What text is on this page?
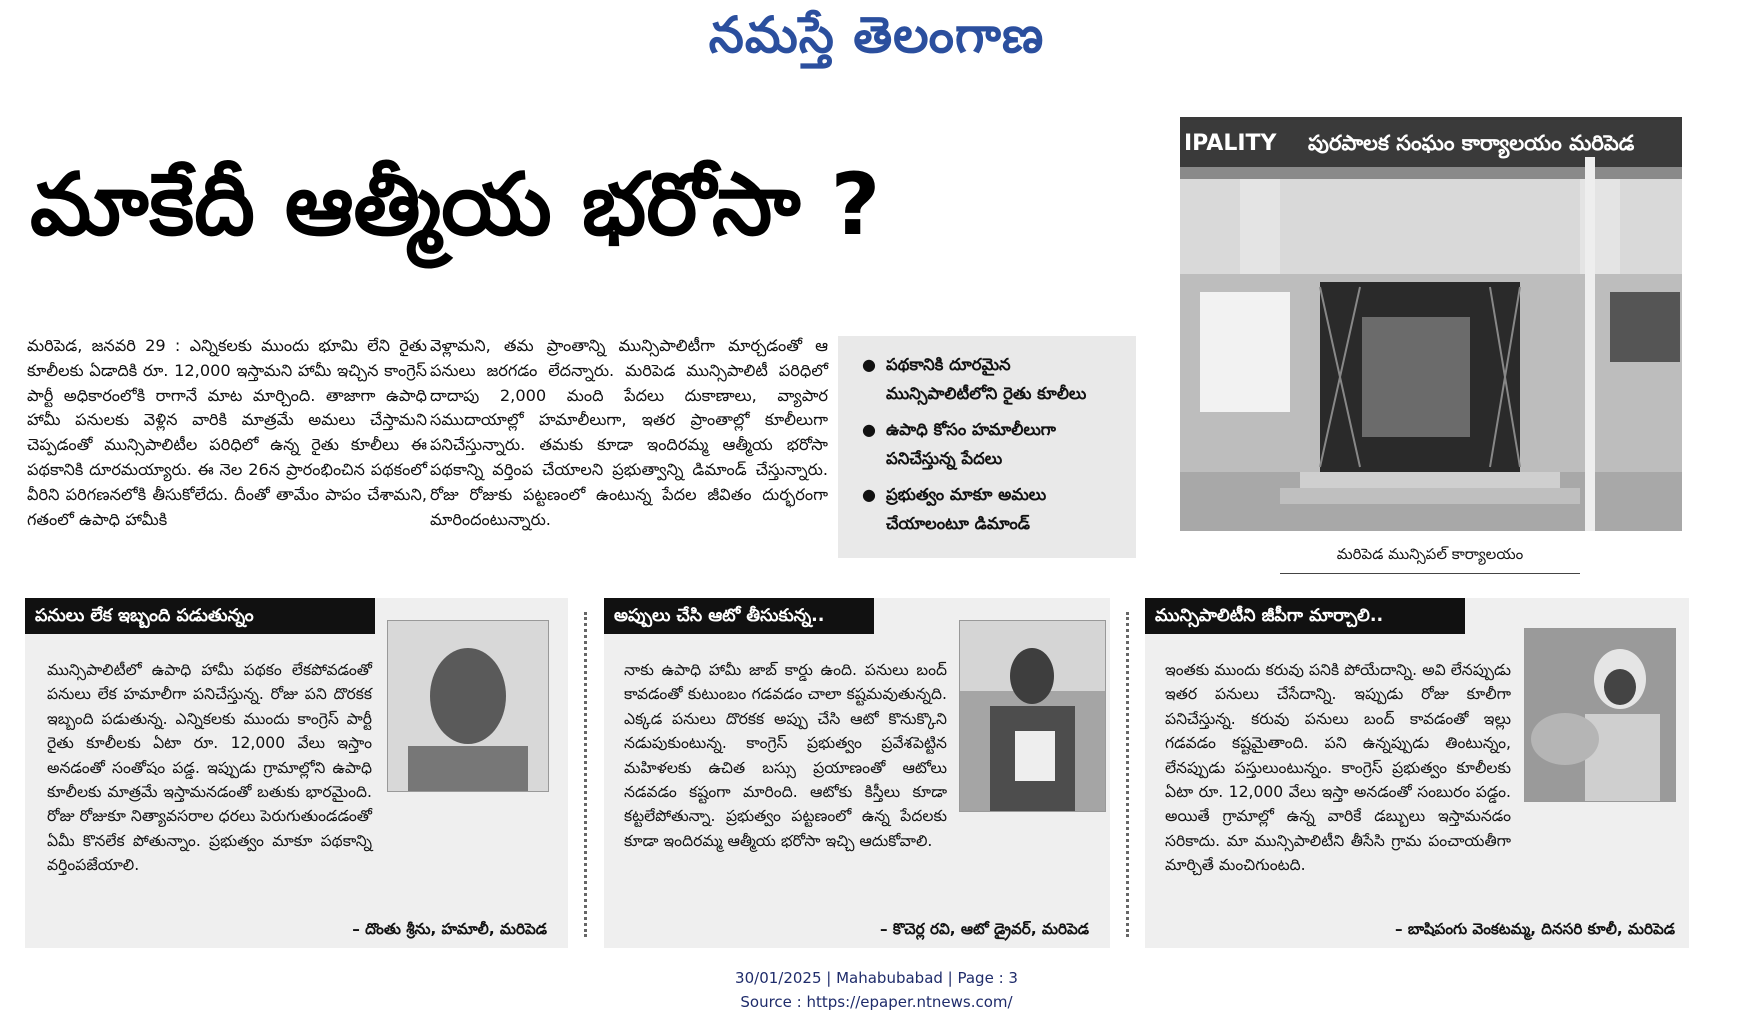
నమస్తే తెలంగాణ
మాకేదీ ఆత్మీయ భరోసా ?
మరిపెడ, జనవరి 29 : ఎన్నికలకు ముందు భూమి లేని రైతు కూలీలకు ఏడాదికి రూ. 12,000 ఇస్తామని హామీ ఇచ్చిన కాంగ్రెస్ పార్టీ అధికారంలోకి రాగానే మాట మార్చింది. తాజాగా ఉపాధి హామీ పనులకు వెళ్లిన వారికి మాత్రమే అమలు చేస్తామని చెప్పడంతో మున్సిపాలిటీల పరిధిలో ఉన్న రైతు కూలీలు ఈ పథకానికి దూరమయ్యారు. ఈ నెల 26న ప్రారంభించిన పథకంలో వీరిని పరిగణనలోకి తీసుకోలేదు. దీంతో తామేం పాపం చేశామని, గతంలో ఉపాధి హామీకి
వెళ్లామని, తమ ప్రాంతాన్ని మున్సిపాలిటీగా మార్చడంతో ఆ పనులు జరగడం లేదన్నారు. మరిపెడ మున్సిపాలిటీ పరిధిలో దాదాపు 2,000 మంది పేదలు దుకాణాలు, వ్యాపార సముదాయాల్లో హమాలీలుగా, ఇతర ప్రాంతాల్లో కూలీలుగా పనిచేస్తున్నారు. తమకు కూడా ఇందిరమ్మ ఆత్మీయ భరోసా పథకాన్ని వర్తింప చేయాలని ప్రభుత్వాన్ని డిమాండ్ చేస్తున్నారు. రోజు రోజుకు పట్టణంలో ఉంటున్న పేదల జీవితం దుర్భరంగా మారిందంటున్నారు.
● పథకానికి దూరమైన మున్సిపాలిటీలోని రైతు కూలీలు
● ఉపాధి కోసం హమాలీలుగా పనిచేస్తున్న పేదలు
● ప్రభుత్వం మాకూ అమలు చేయాలంటూ డిమాండ్
IPALITY పురపాలక సంఘం కార్యాలయం మరిపెడ
మరిపెడ మున్సిపల్ కార్యాలయం
పనులు లేక ఇబ్బంది పడుతున్నం
మున్సిపాలిటీలో ఉపాధి హామీ పథకం లేకపోవడంతో పనులు లేక హమాలీగా పనిచేస్తున్న. రోజు పని దొరకక ఇబ్బంది పడుతున్న. ఎన్నికలకు ముందు కాంగ్రెస్ పార్టీ రైతు కూలీలకు ఏటా రూ. 12,000 వేలు ఇస్తాం అనడంతో సంతోషం పడ్డ. ఇప్పుడు గ్రామాల్లోని ఉపాధి కూలీలకు మాత్రమే ఇస్తామనడంతో బతుకు భారమైంది. రోజు రోజుకూ నిత్యావసరాల ధరలు పెరుగుతుండడంతో ఏమీ కొనలేక పోతున్నాం. ప్రభుత్వం మాకూ పథకాన్ని వర్తింపజేయాలి.
– దొంతు శ్రీను, హమాలీ, మరిపెడ
అప్పులు చేసి ఆటో తీసుకున్న..
నాకు ఉపాధి హామీ జాబ్ కార్డు ఉంది. పనులు బంద్ కావడంతో కుటుంబం గడవడం చాలా కష్టమవుతున్నది. ఎక్కడ పనులు దొరకక అప్పు చేసి ఆటో కొనుక్కొని నడుపుకుంటున్న. కాంగ్రెస్ ప్రభుత్వం ప్రవేశపెట్టిన మహిళలకు ఉచిత బస్సు ప్రయాణంతో ఆటోలు నడవడం కష్టంగా మారింది. ఆటోకు కిస్తీలు కూడా కట్టలేపోతున్నా. ప్రభుత్వం పట్టణంలో ఉన్న పేదలకు కూడా ఇందిరమ్మ ఆత్మీయ భరోసా ఇచ్చి ఆదుకోవాలి.
– కొచెర్ల రవి, ఆటో డ్రైవర్, మరిపెడ
మున్సిపాలిటీని జీపీగా మార్చాలి..
ఇంతకు ముందు కరువు పనికి పోయేదాన్ని. అవి లేనప్పుడు ఇతర పనులు చేసేదాన్ని. ఇప్పుడు రోజు కూలీగా పనిచేస్తున్న. కరువు పనులు బంద్ కావడంతో ఇల్లు గడవడం కష్టమైతాంది. పని ఉన్నప్పుడు తింటున్నం, లేనప్పుడు పస్తులుంటున్నం. కాంగ్రెస్ ప్రభుత్వం కూలీలకు ఏటా రూ. 12,000 వేలు ఇస్తా అనడంతో సంబురం పడ్డం. అయితే గ్రామాల్లో ఉన్న వారికే డబ్బులు ఇస్తామనడం సరికాదు. మా మున్సిపాలిటీని తీసేసి గ్రామ పంచాయతీగా మార్చితే మంచిగుంటది.
– బాషిపంగు వెంకటమ్మ, దినసరి కూలీ, మరిపెడ
30/01/2025 | Mahabubabad | Page : 3
Source : https://epaper.ntnews.com/
